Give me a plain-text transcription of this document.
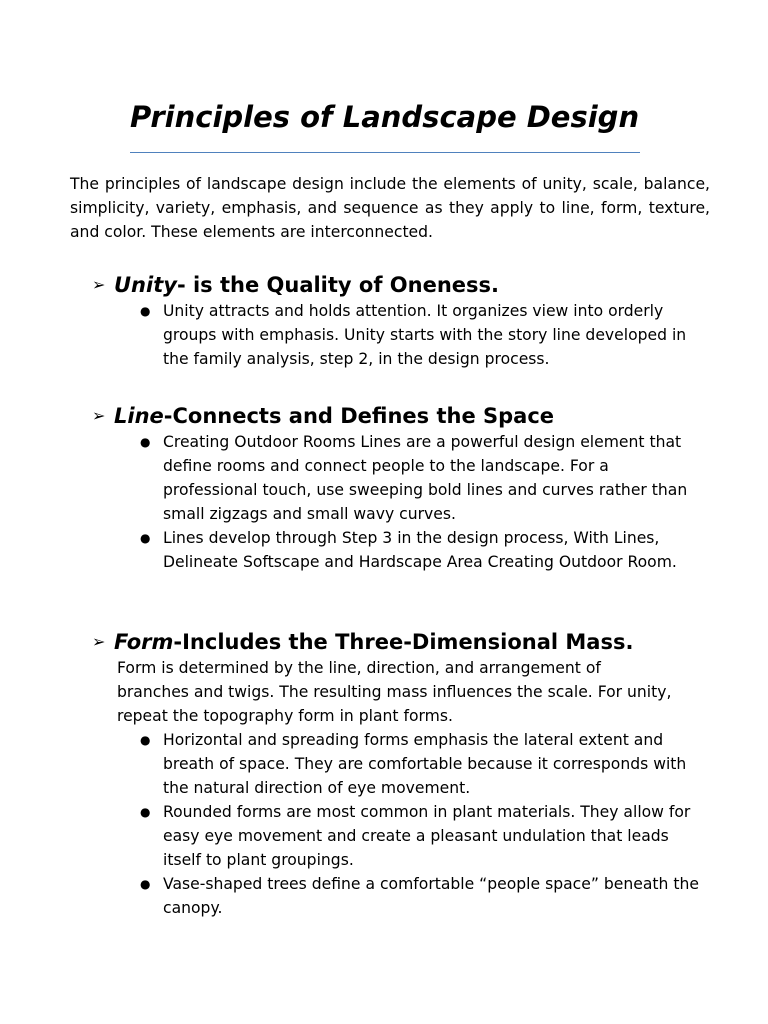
Principles of Landscape Design

The principles of landscape design include the elements of unity, scale, balance, simplicity, variety, emphasis, and sequence as they apply to line, form, texture, and color. These elements are interconnected.

➢ Unity- is the Quality of Oneness.
● Unity attracts and holds attention. It organizes view into orderly groups with emphasis. Unity starts with the story line developed in the family analysis, step 2, in the design process.
➢ Line-Connects and Defines the Space
● Creating Outdoor Rooms Lines are a powerful design element that define rooms and connect people to the landscape. For a professional touch, use sweeping bold lines and curves rather than small zigzags and small wavy curves.
● Lines develop through Step 3 in the design process, With Lines, Delineate Softscape and Hardscape Area Creating Outdoor Room.
➢ Form-Includes the Three-Dimensional Mass.

Form is determined by the line, direction, and arrangement of branches and twigs. The resulting mass influences the scale. For unity, repeat the topography form in plant forms.

● Horizontal and spreading forms emphasis the lateral extent and breath of space. They are comfortable because it corresponds with the natural direction of eye movement.
● Rounded forms are most common in plant materials. They allow for easy eye movement and create a pleasant undulation that leads itself to plant groupings.
● Vase-shaped trees define a comfortable “people space” beneath the canopy.
